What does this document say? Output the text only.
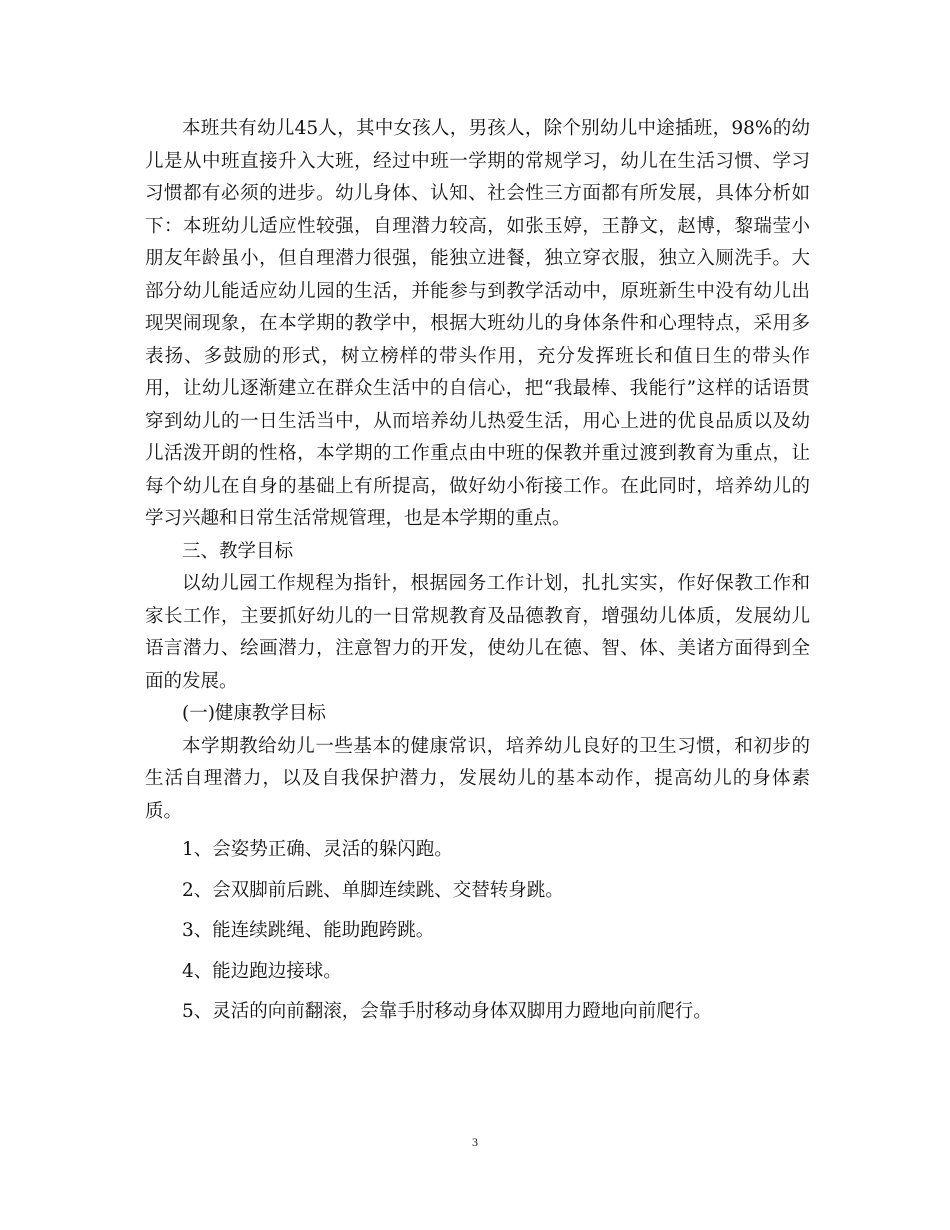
本班共有幼儿45人，其中女孩人，男孩人，除个别幼儿中途插班，98%的幼儿是从中班直接升入大班，经过中班一学期的常规学习，幼儿在生活习惯、学习习惯都有必须的进步。幼儿身体、认知、社会性三方面都有所发展，具体分析如下：本班幼儿适应性较强，自理潜力较高，如张玉婷，王静文，赵博，黎瑞莹小朋友年龄虽小，但自理潜力很强，能独立进餐，独立穿衣服，独立入厕洗手。大部分幼儿能适应幼儿园的生活，并能参与到教学活动中，原班新生中没有幼儿出现哭闹现象，在本学期的教学中，根据大班幼儿的身体条件和心理特点，采用多表扬、多鼓励的形式，树立榜样的带头作用，充分发挥班长和值日生的带头作用，让幼儿逐渐建立在群众生活中的自信心，把“我最棒、我能行”这样的话语贯穿到幼儿的一日生活当中，从而培养幼儿热爱生活，用心上进的优良品质以及幼儿活泼开朗的性格，本学期的工作重点由中班的保教并重过渡到教育为重点，让每个幼儿在自身的基础上有所提高，做好幼小衔接工作。在此同时，培养幼儿的学习兴趣和日常生活常规管理，也是本学期的重点。

三、教学目标

以幼儿园工作规程为指针，根据园务工作计划，扎扎实实，作好保教工作和家长工作，主要抓好幼儿的一日常规教育及品德教育，增强幼儿体质，发展幼儿语言潜力、绘画潜力，注意智力的开发，使幼儿在德、智、体、美诸方面得到全面的发展。

(一)健康教学目标

本学期教给幼儿一些基本的健康常识，培养幼儿良好的卫生习惯，和初步的生活自理潜力，以及自我保护潜力，发展幼儿的基本动作，提高幼儿的身体素质。

1、会姿势正确、灵活的躲闪跑。

2、会双脚前后跳、单脚连续跳、交替转身跳。

3、能连续跳绳、能助跑跨跳。

4、能边跑边接球。

5、灵活的向前翻滚，会靠手肘移动身体双脚用力蹬地向前爬行。

3
